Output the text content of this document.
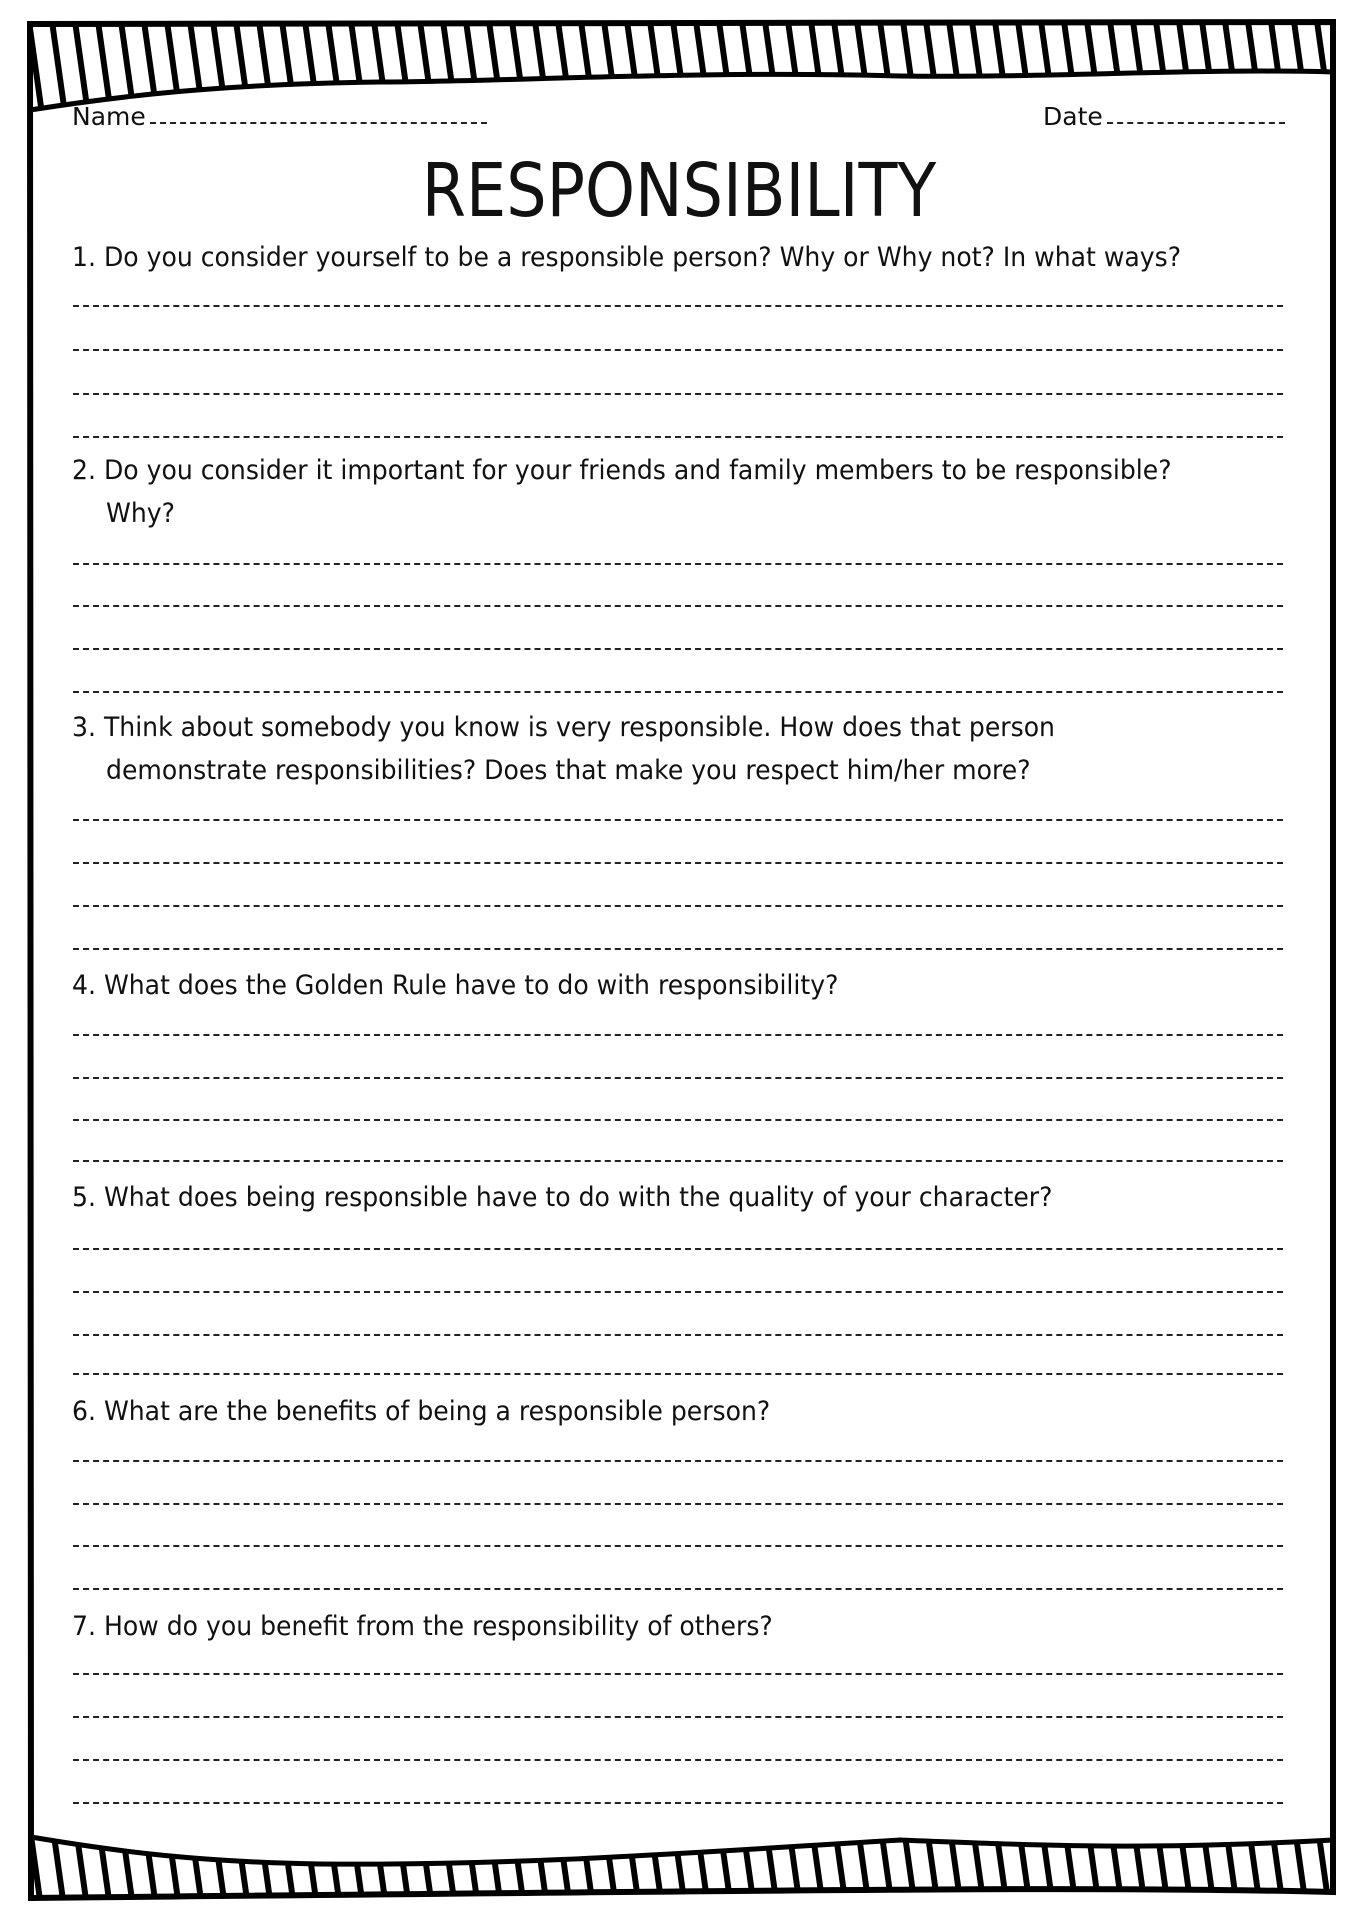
Name	Date
RESPONSIBILITY
1. Do you consider yourself to be a responsible person? Why or Why not? In what ways?
2. Do you consider it important for your friends and family members to be responsible?
Why?
3. Think about somebody you know is very responsible. How does that person
demonstrate responsibilities? Does that make you respect him/her more?
4. What does the Golden Rule have to do with responsibility?
5. What does being responsible have to do with the quality of your character?
6. What are the benefits of being a responsible person?
7. How do you benefit from the responsibility of others?
